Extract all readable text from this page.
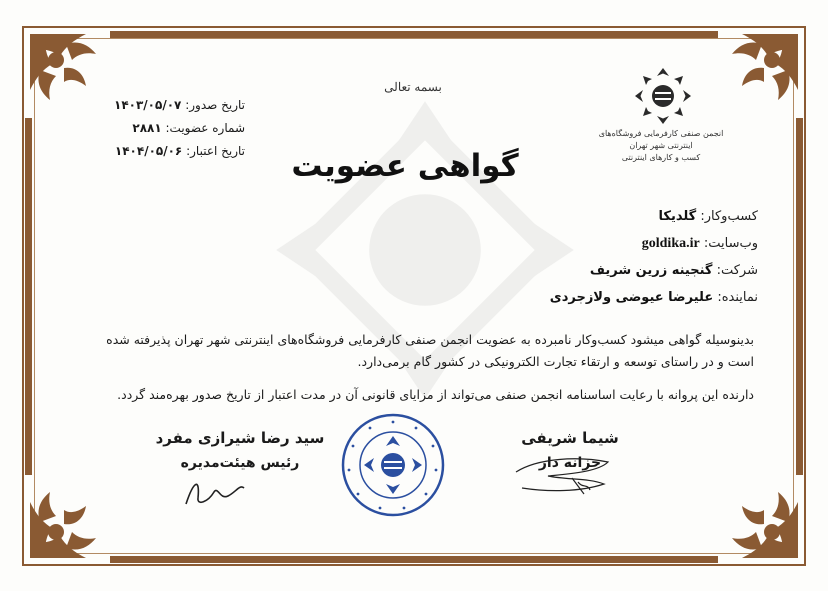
بسمه تعالی
گواهی عضویت
تاریخ صدور: ۱۴۰۳/۰۵/۰۷
شماره عضویت: ۲۸۸۱
تاریخ اعتبار: ۱۴۰۴/۰۵/۰۶
انجمن صنفی کارفرمایی فروشگاه‌های اینترنتی شهر تهران
کسب و کارهای اینترنتی
کسب‌وکار: گلدیکا
وب‌سایت: goldika.ir
شرکت: گنجینه زرین شریف
نماینده: علیرضا عیوضی ولازجردی
بدینوسیله گواهی میشود کسب‌وکار نامبرده به عضویت انجمن صنفی کارفرمایی فروشگاه‌های اینترنتی شهر تهران پذیرفته شده است و در راستای توسعه و ارتقاء تجارت الکترونیکی در کشور گام برمی‌دارد.
دارنده این پروانه با رعایت اساسنامه انجمن صنفی می‌تواند از مزایای قانونی آن در مدت اعتبار از تاریخ صدور بهره‌مند گردد.
سید رضا شیرازی مفرد
رئیس هیئت‌مدیره
شیما شریفی
خزانه دار
